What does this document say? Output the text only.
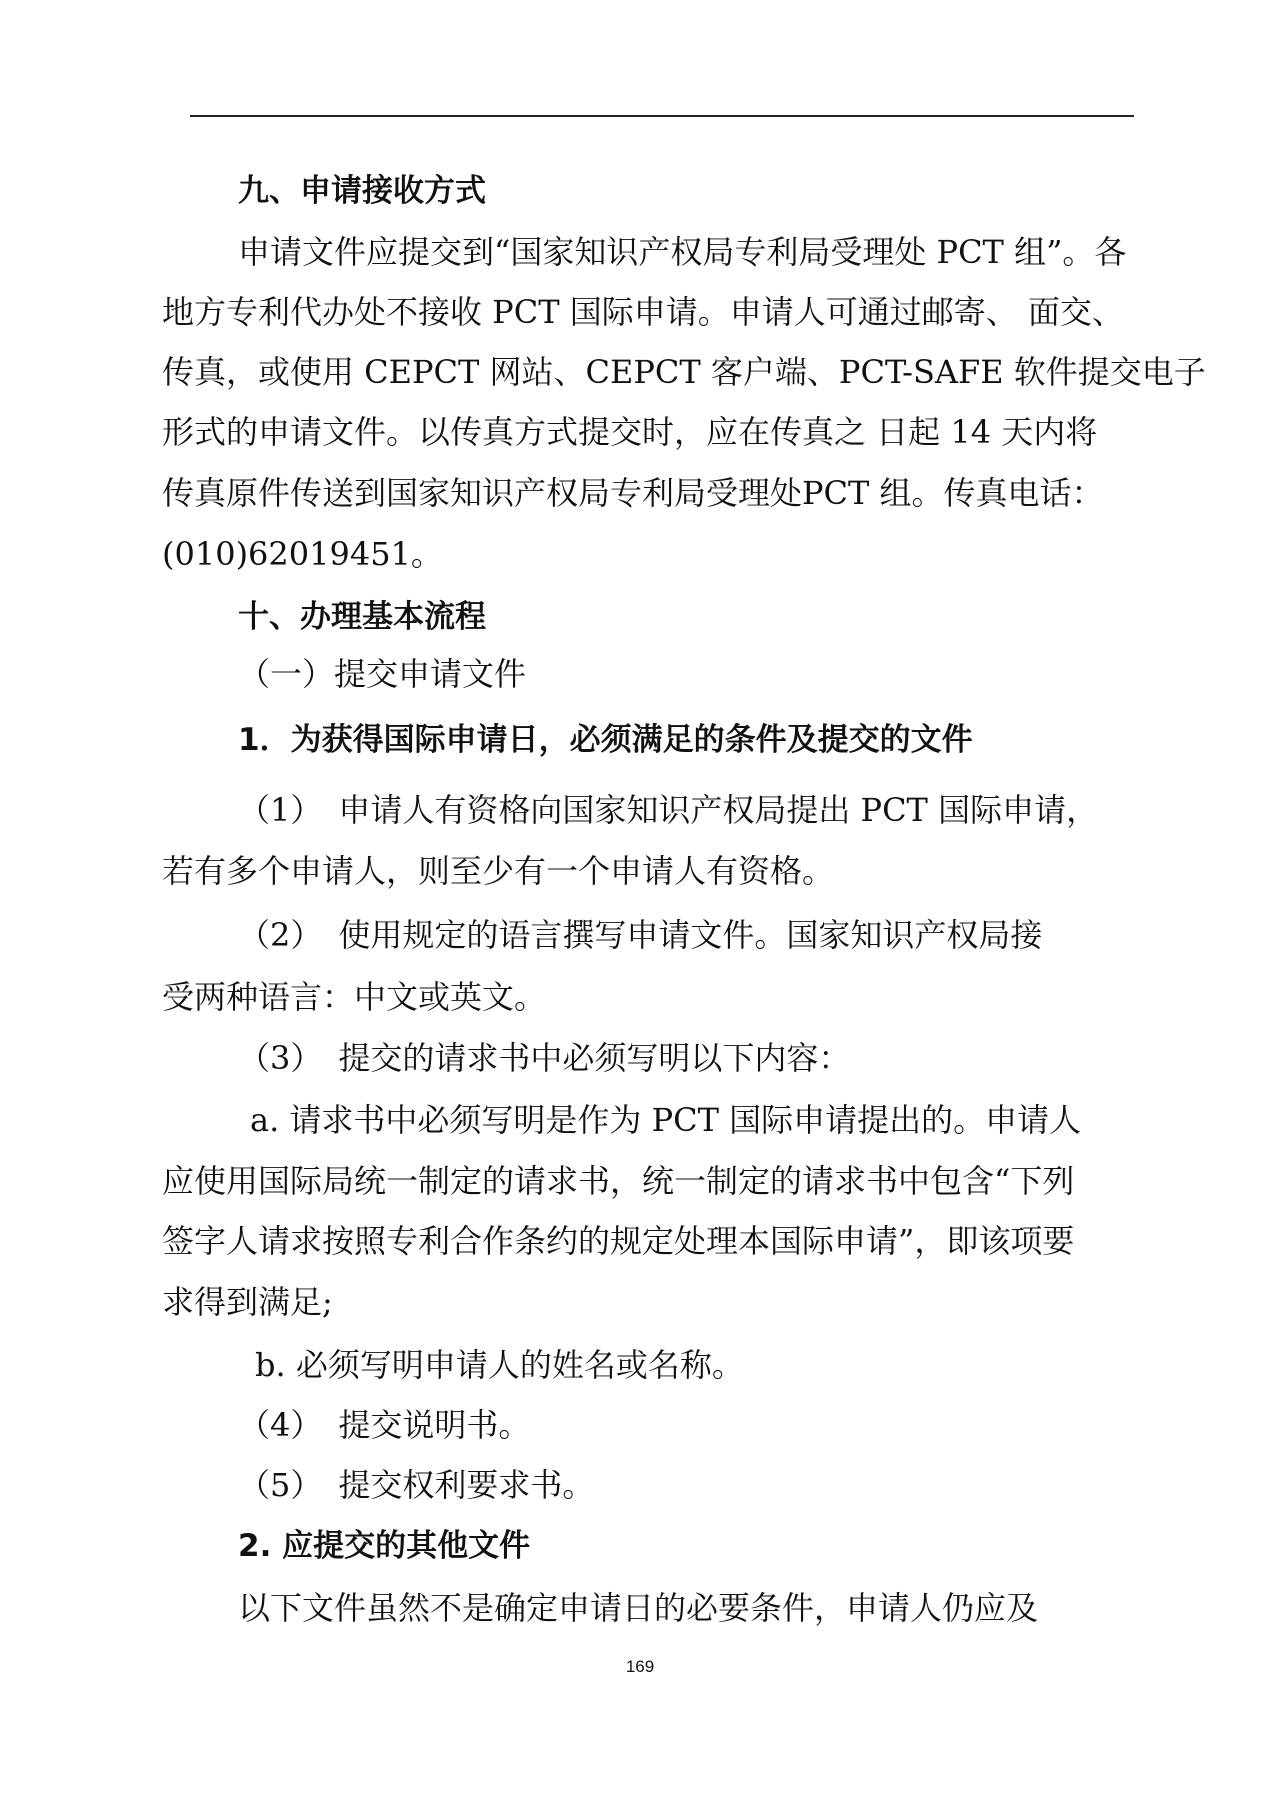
九、申请接收方式
申请文件应提交到“国家知识产权局专利局受理处 PCT 组”。各
地方专利代办处不接收 PCT 国际申请。申请人可通过邮寄、 面交、
传真，或使用 CEPCT 网站、CEPCT 客户端、PCT-SAFE 软件提交电子
形式的申请文件。以传真方式提交时，应在传真之 日起 14 天内将
传真原件传送到国家知识产权局专利局受理处PCT 组。传真电话：
(010)62019451。
十、办理基本流程
（一）提交申请文件
1．为获得国际申请日，必须满足的条件及提交的文件
（1）　申请人有资格向国家知识产权局提出 PCT 国际申请，
若有多个申请人，则至少有一个申请人有资格。
（2）　使用规定的语言撰写申请文件。国家知识产权局接
受两种语言：中文或英文。
（3）　提交的请求书中必须写明以下内容：
a. 请求书中必须写明是作为 PCT 国际申请提出的。申请人
应使用国际局统一制定的请求书，统一制定的请求书中包含“下列
签字人请求按照专利合作条约的规定处理本国际申请”，即该项要
求得到满足;
b. 必须写明申请人的姓名或名称。
（4）　提交说明书。
（5）　提交权利要求书。
2. 应提交的其他文件
以下文件虽然不是确定申请日的必要条件，申请人仍应及
169
